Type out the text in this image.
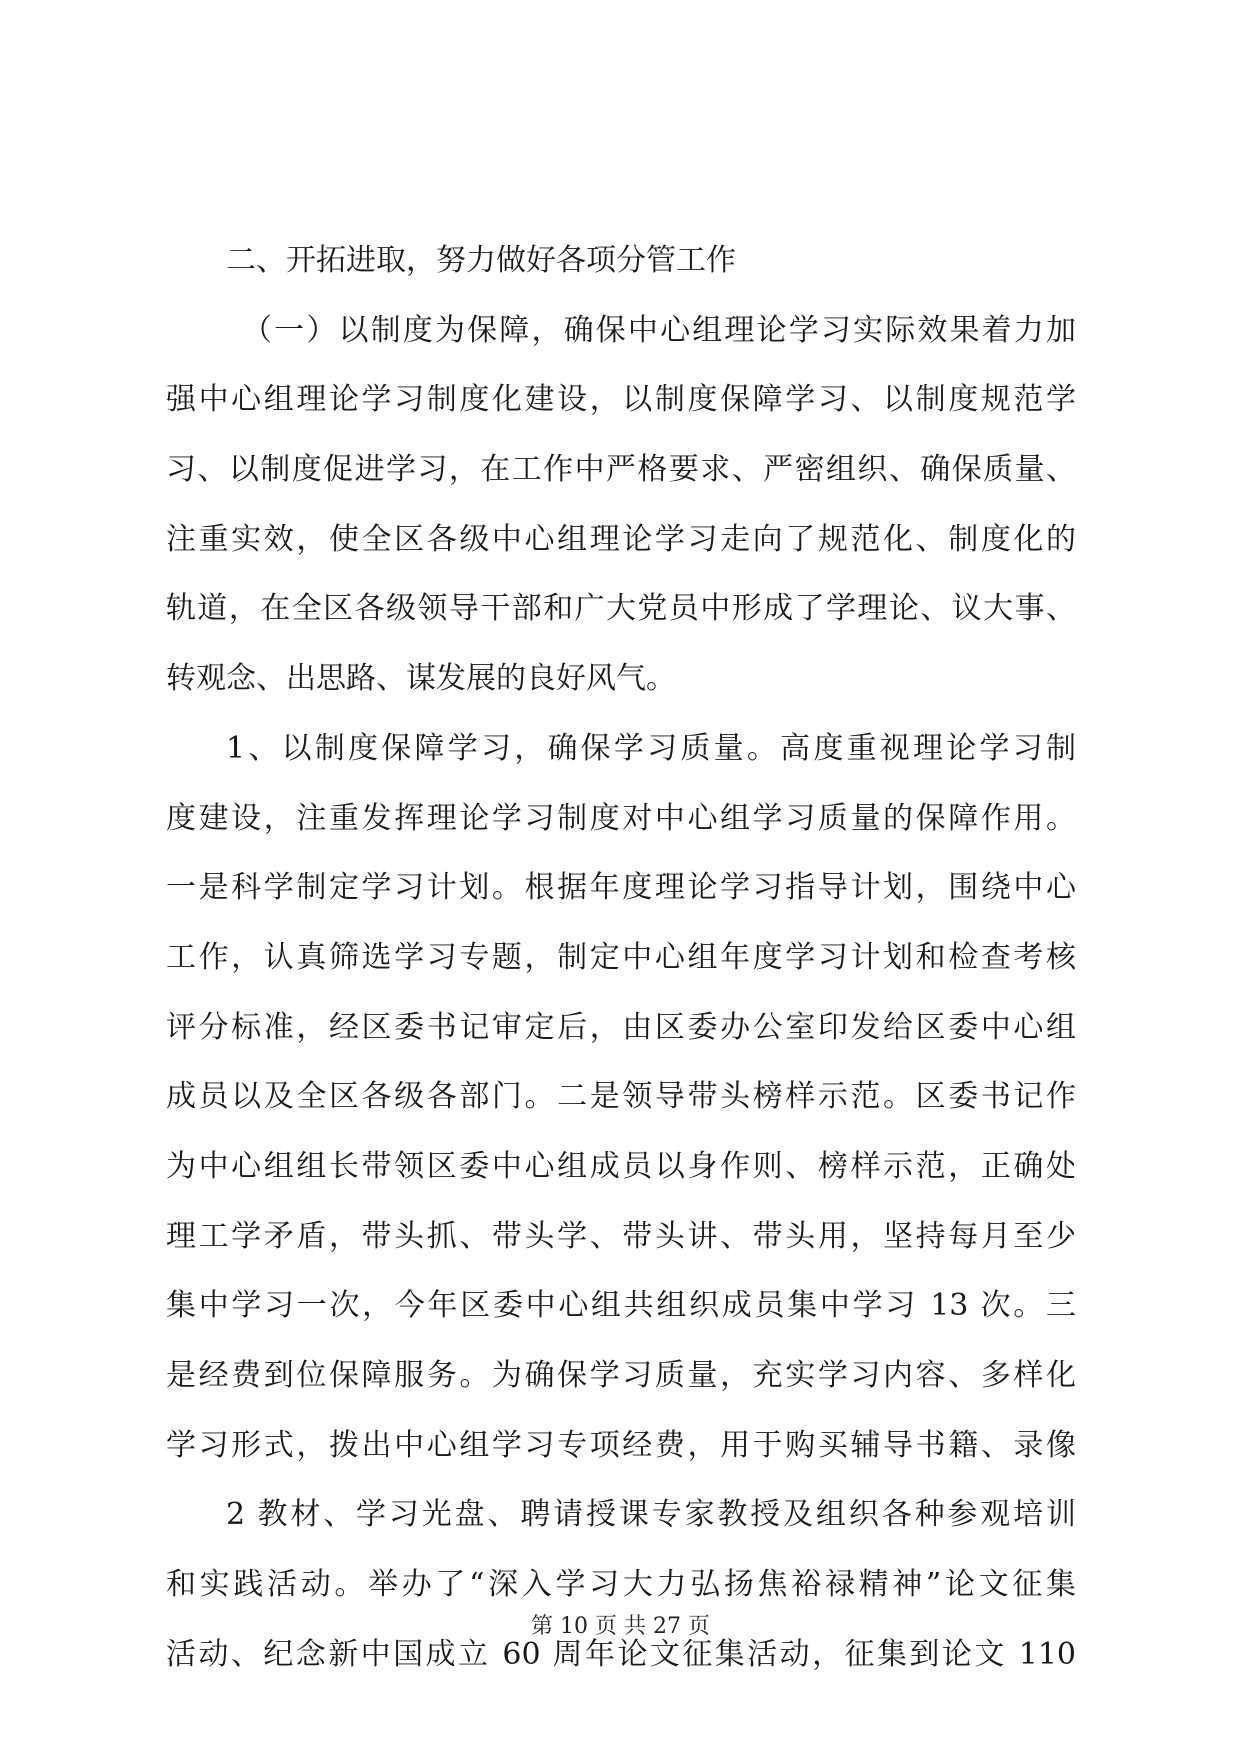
二、开拓进取，努力做好各项分管工作
（一）以制度为保障，确保中心组理论学习实际效果着力加
强中心组理论学习制度化建设，以制度保障学习、以制度规范学
习、以制度促进学习，在工作中严格要求、严密组织、确保质量、
注重实效，使全区各级中心组理论学习走向了规范化、制度化的
轨道，在全区各级领导干部和广大党员中形成了学理论、议大事、
转观念、出思路、谋发展的良好风气。
1、以制度保障学习，确保学习质量。高度重视理论学习制
度建设，注重发挥理论学习制度对中心组学习质量的保障作用。
一是科学制定学习计划。根据年度理论学习指导计划，围绕中心
工作，认真筛选学习专题，制定中心组年度学习计划和检查考核
评分标准，经区委书记审定后，由区委办公室印发给区委中心组
成员以及全区各级各部门。二是领导带头榜样示范。区委书记作
为中心组组长带领区委中心组成员以身作则、榜样示范，正确处
理工学矛盾，带头抓、带头学、带头讲、带头用，坚持每月至少
集中学习一次，今年区委中心组共组织成员集中学习 13 次。三
是经费到位保障服务。为确保学习质量，充实学习内容、多样化
学习形式，拨出中心组学习专项经费，用于购买辅导书籍、录像
2 教材、学习光盘、聘请授课专家教授及组织各种参观培训
和实践活动。举办了“深入学习大力弘扬焦裕禄精神”论文征集
活动、纪念新中国成立 60 周年论文征集活动，征集到论文 110
第 10 页 共 27 页
